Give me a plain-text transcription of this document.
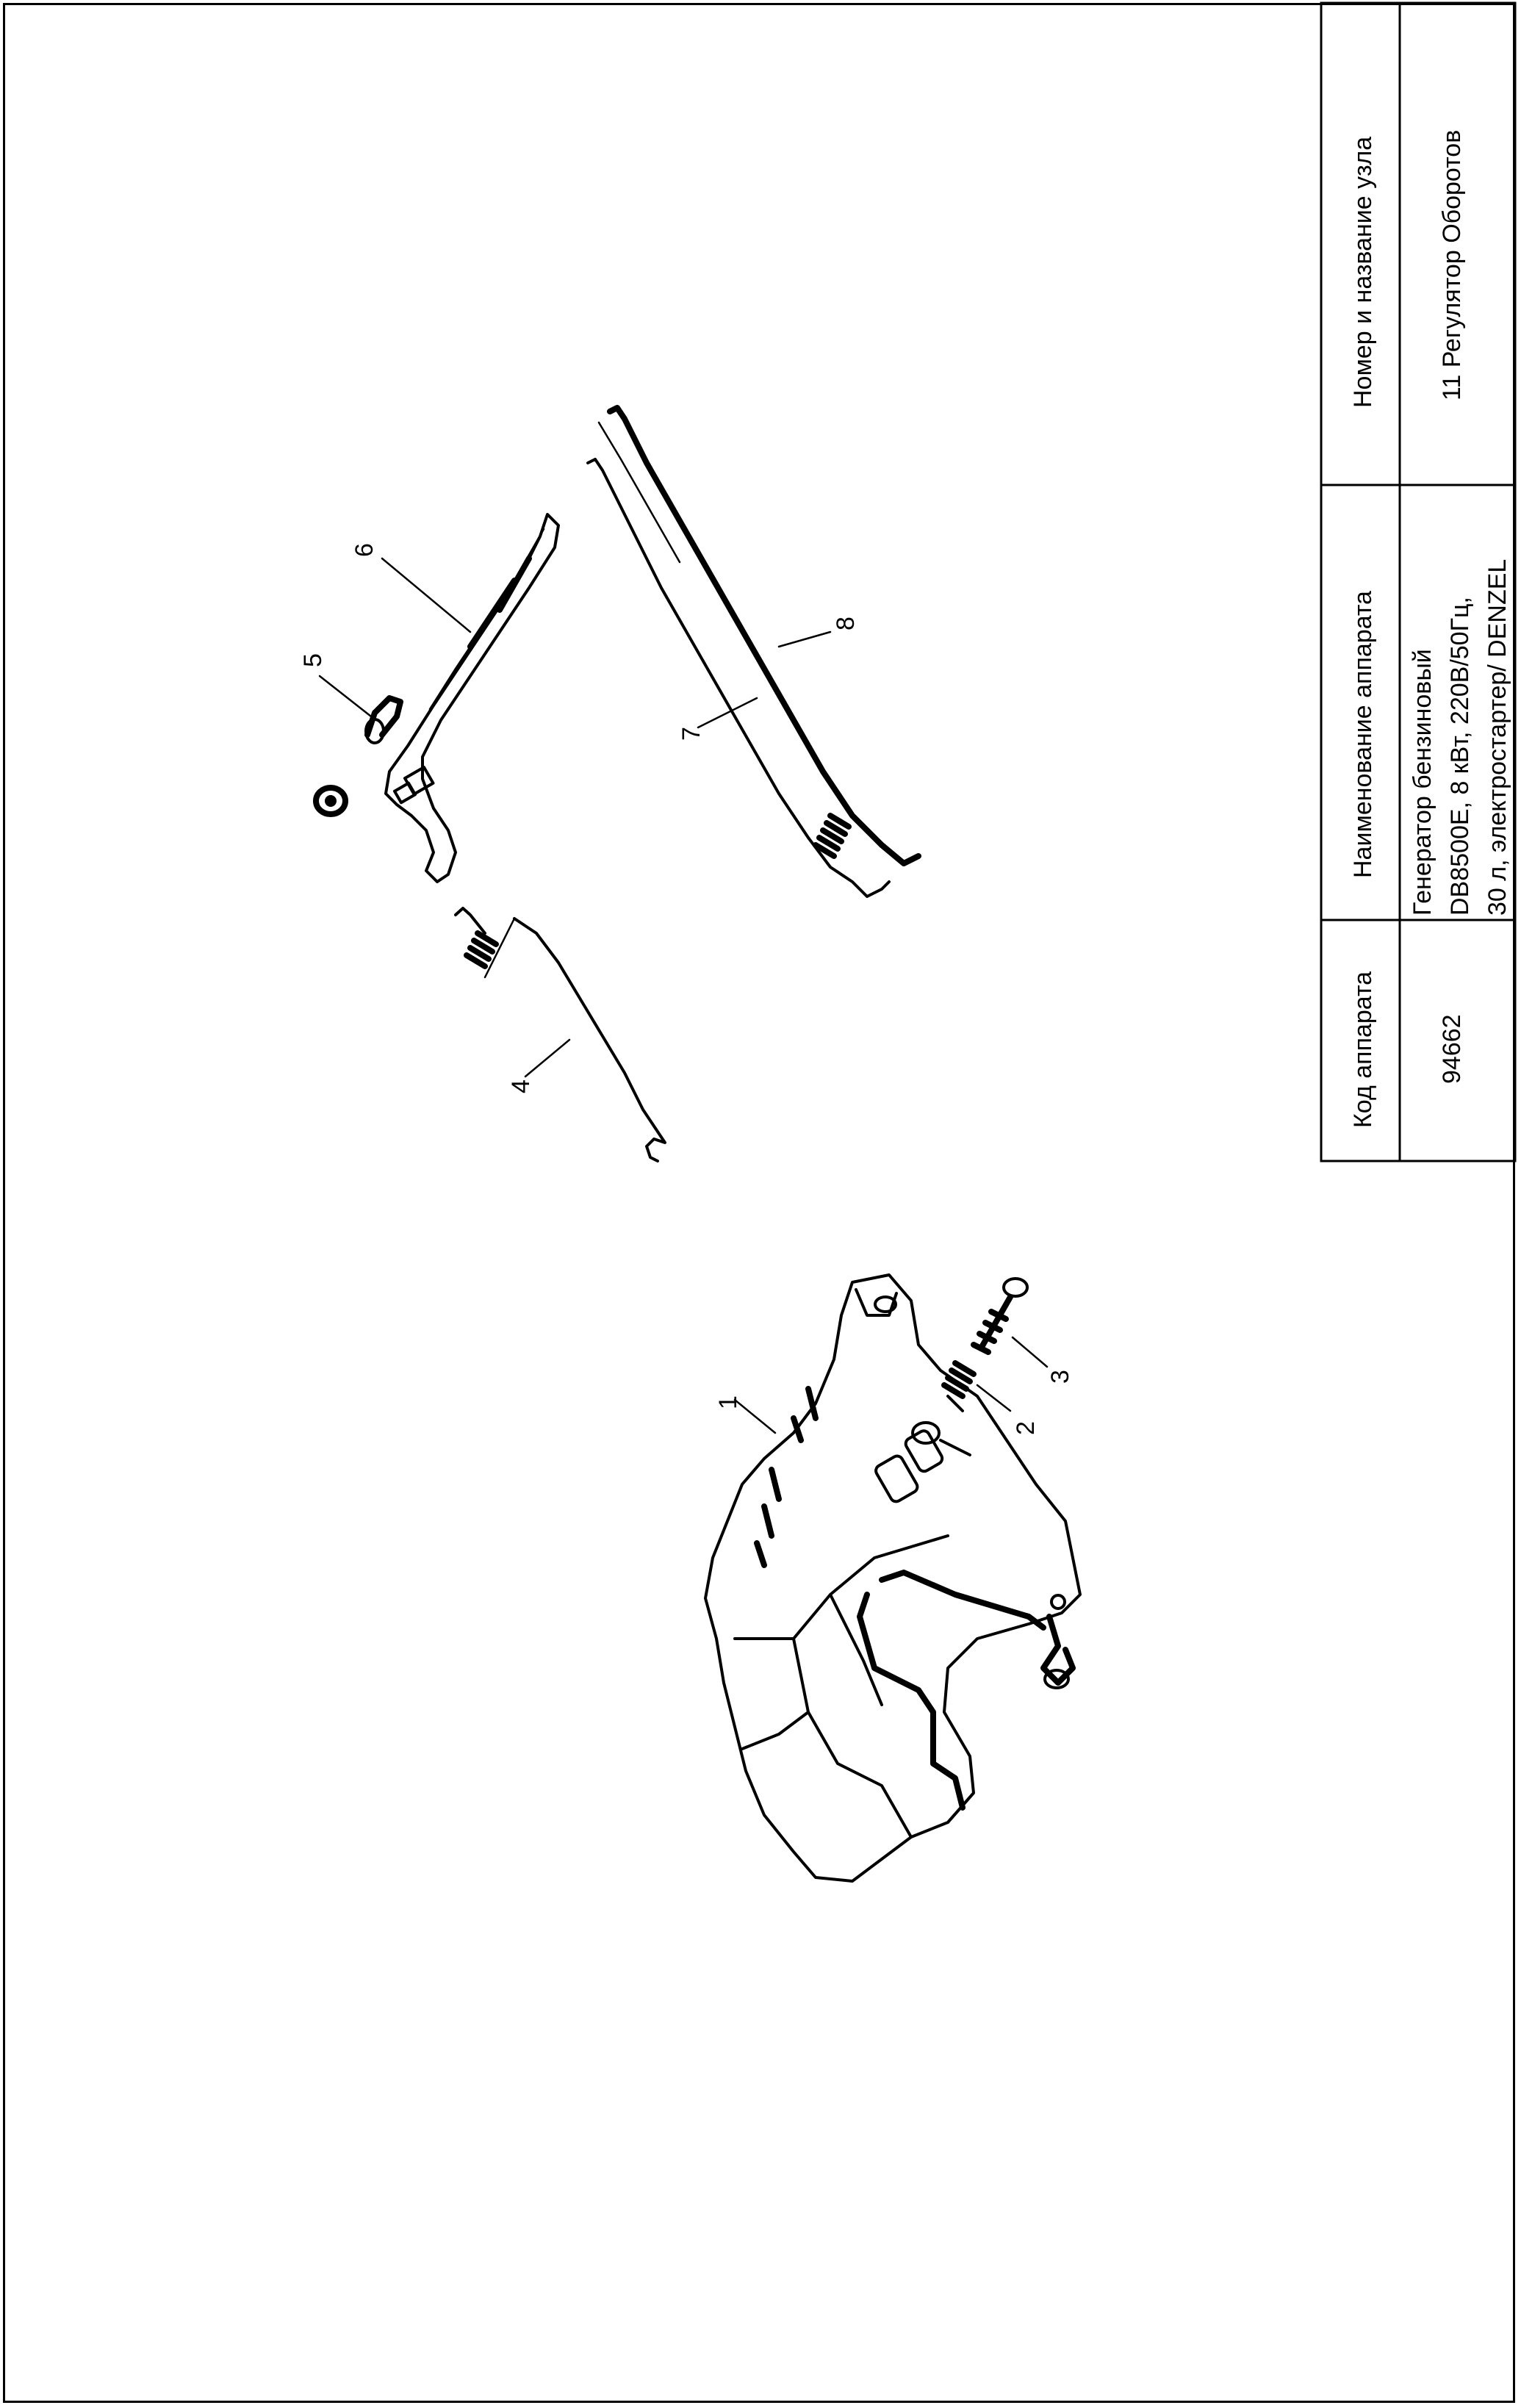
1
2
3
4
5
6
7
8
Номер и название узла 11 Регулятор Оборотов
Наименование аппарата Генератор бензиновый DB8500E, 8 кВт, 220В/50Гц, 30 л, электростартер/ DENZEL
Код аппарата 94662
